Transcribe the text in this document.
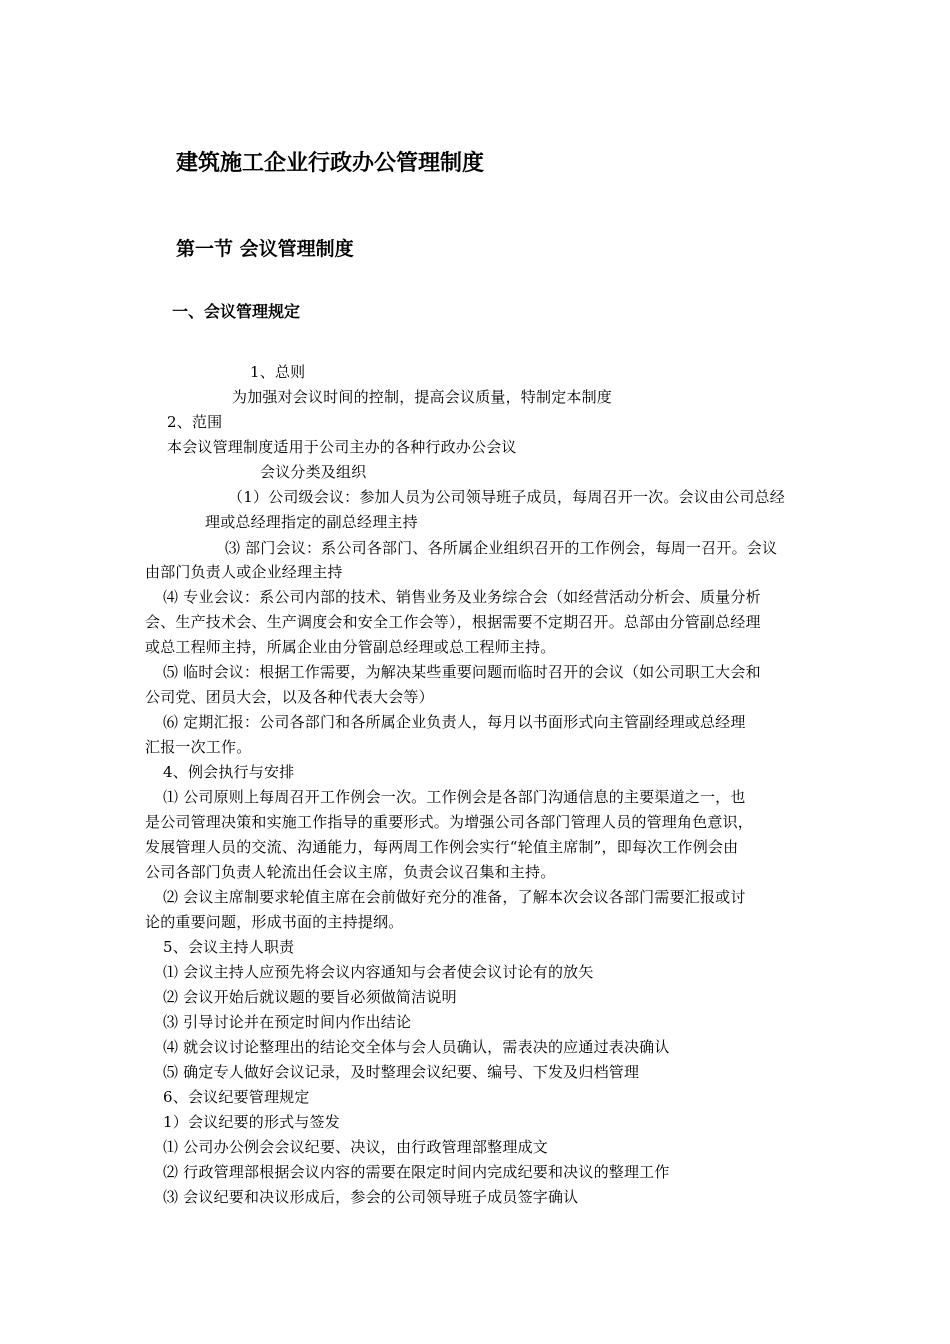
建筑施工企业行政办公管理制度
第一节 会议管理制度
一、会议管理规定
1、总则
为加强对会议时间的控制，提高会议质量，特制定本制度
2、范围
本会议管理制度适用于公司主办的各种行政办公会议
会议分类及组织
（1）公司级会议：参加人员为公司领导班子成员，每周召开一次。会议由公司总经
理或总经理指定的副总经理主持
⑶ 部门会议：系公司各部门、各所属企业组织召开的工作例会，每周一召开。会议
由部门负责人或企业经理主持
⑷ 专业会议：系公司内部的技术、销售业务及业务综合会（如经营活动分析会、质量分析
会、生产技术会、生产调度会和安全工作会等），根据需要不定期召开。总部由分管副总经理
或总工程师主持，所属企业由分管副总经理或总工程师主持。
⑸ 临时会议：根据工作需要，为解决某些重要问题而临时召开的会议（如公司职工大会和
公司党、团员大会，以及各种代表大会等）
⑹ 定期汇报：公司各部门和各所属企业负责人，每月以书面形式向主管副经理或总经理
汇报一次工作。
4、例会执行与安排
⑴ 公司原则上每周召开工作例会一次。工作例会是各部门沟通信息的主要渠道之一，也
是公司管理决策和实施工作指导的重要形式。为增强公司各部门管理人员的管理角色意识，
发展管理人员的交流、沟通能力，每两周工作例会实行“轮值主席制”，即每次工作例会由
公司各部门负责人轮流出任会议主席，负责会议召集和主持。
⑵ 会议主席制要求轮值主席在会前做好充分的准备，了解本次会议各部门需要汇报或讨
论的重要问题，形成书面的主持提纲。
5、会议主持人职责
⑴ 会议主持人应预先将会议内容通知与会者使会议讨论有的放矢
⑵ 会议开始后就议题的要旨必须做简洁说明
⑶ 引导讨论并在预定时间内作出结论
⑷ 就会议讨论整理出的结论交全体与会人员确认，需表决的应通过表决确认
⑸ 确定专人做好会议记录，及时整理会议纪要、编号、下发及归档管理
6、会议纪要管理规定
1）会议纪要的形式与签发
⑴ 公司办公例会会议纪要、决议，由行政管理部整理成文
⑵ 行政管理部根据会议内容的需要在限定时间内完成纪要和决议的整理工作
⑶ 会议纪要和决议形成后，参会的公司领导班子成员签字确认
